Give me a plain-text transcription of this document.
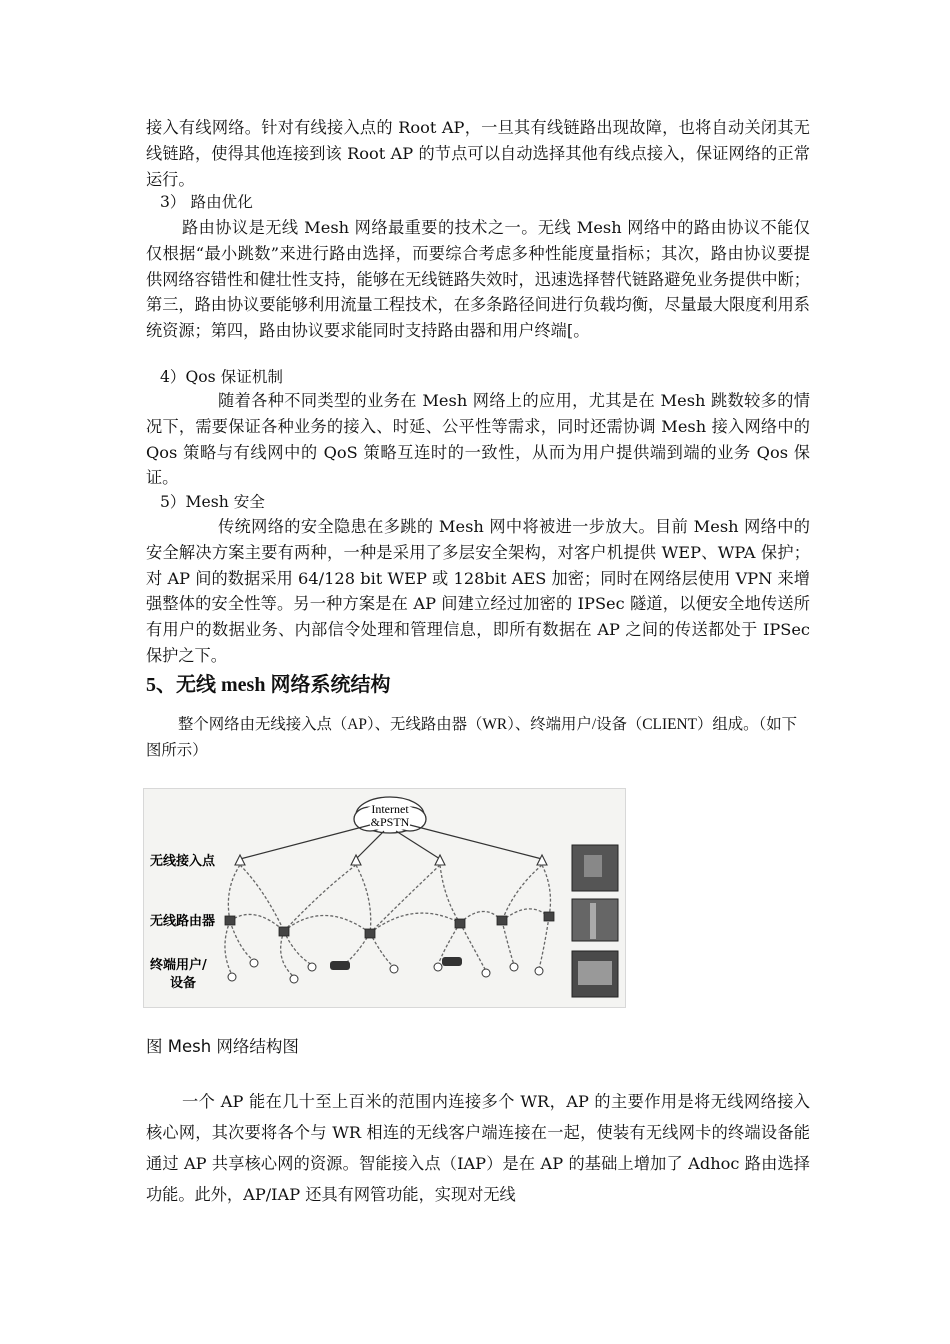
接入有线网络。针对有线接入点的 Root AP，一旦其有线链路出现故障，也将自动关闭其无线链路，使得其他连接到该 Root AP 的节点可以自动选择其他有线点接入，保证网络的正常运行。

3） 路由优化

路由协议是无线 Mesh 网络最重要的技术之一。无线 Mesh 网络中的路由协议不能仅仅根据“最小跳数”来进行路由选择，而要综合考虑多种性能度量指标；其次，路由协议要提供网络容错性和健壮性支持，能够在无线链路失效时，迅速选择替代链路避免业务提供中断；第三，路由协议要能够利用流量工程技术，在多条路径间进行负载均衡，尽量最大限度利用系统资源；第四，路由协议要求能同时支持路由器和用户终端[。

4）Qos 保证机制

随着各种不同类型的业务在 Mesh 网络上的应用，尤其是在 Mesh 跳数较多的情况下，需要保证各种业务的接入、时延、公平性等需求，同时还需协调 Mesh 接入网络中的 Qos 策略与有线网中的 QoS 策略互连时的一致性，从而为用户提供端到端的业务 Qos 保证。

5）Mesh 安全

传统网络的安全隐患在多跳的 Mesh 网中将被进一步放大。目前 Mesh 网络中的安全解决方案主要有两种，一种是采用了多层安全架构，对客户机提供 WEP、WPA 保护；对 AP 间的数据采用 64/128 bit WEP 或 128bit AES 加密；同时在网络层使用 VPN 来增强整体的安全性等。另一种方案是在 AP 间建立经过加密的 IPSec 隧道，以便安全地传送所有用户的数据业务、内部信令处理和管理信息，即所有数据在 AP 之间的传送都处于 IPSec 保护之下。

5、无线 mesh 网络系统结构

整个网络由无线接入点（AP）、无线路由器（WR）、终端用户/设备（CLIENT）组成。（如下图所示）

Internet
&PSTN
无线接入点
无线路由器
终端用户/
设备

图 Mesh 网络结构图

一个 AP 能在几十至上百米的范围内连接多个 WR，AP 的主要作用是将无线网络接入核心网，其次要将各个与 WR 相连的无线客户端连接在一起，使装有无线网卡的终端设备能通过 AP 共享核心网的资源。智能接入点（IAP）是在 AP 的基础上增加了 Adhoc 路由选择功能。此外，AP/IAP 还具有网管功能，实现对无线
